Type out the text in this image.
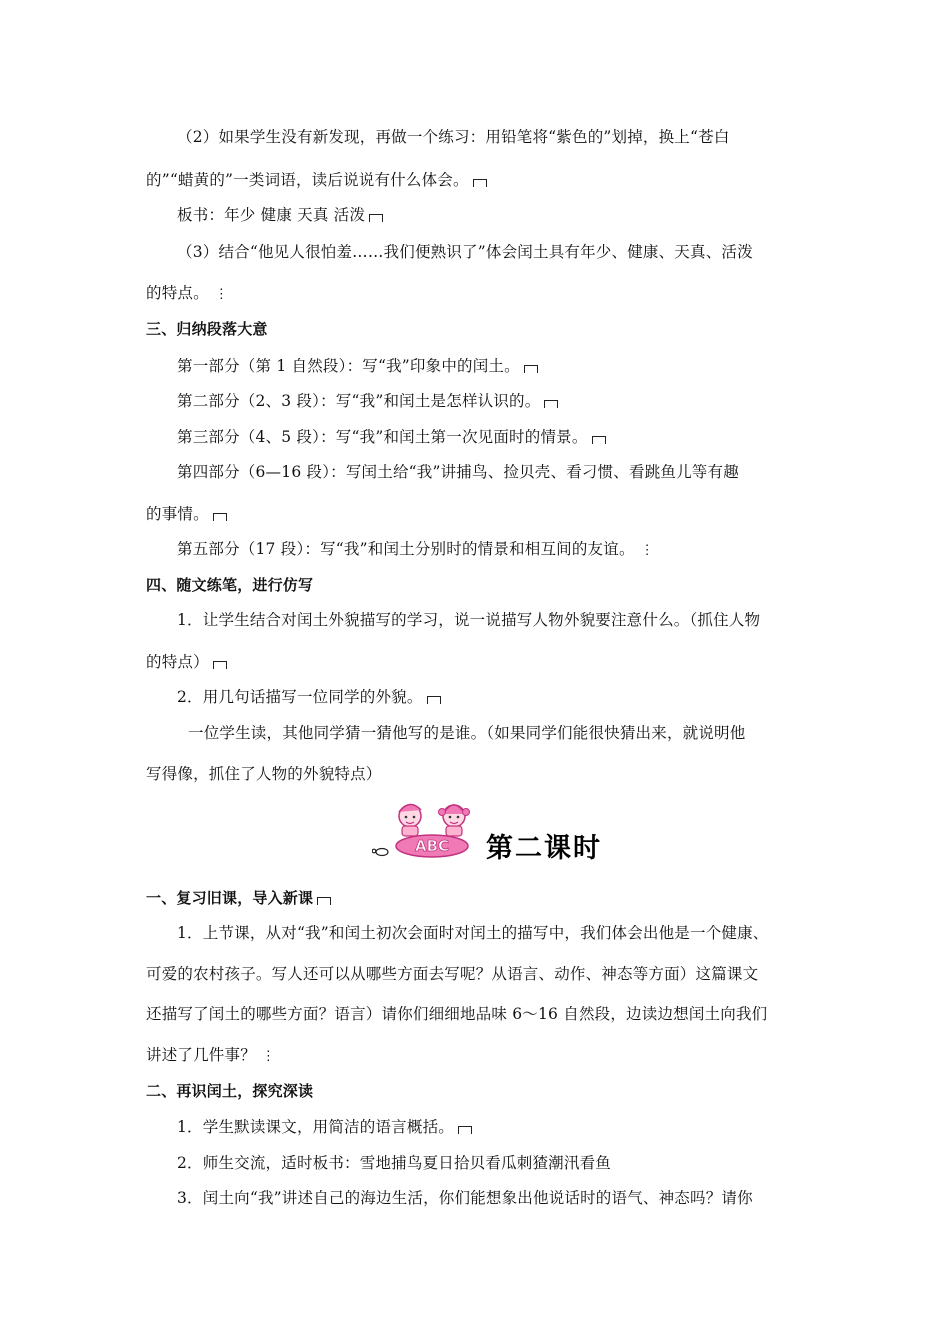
（2）如果学生没有新发现，再做一个练习：用铅笔将“紫色的”划掉，换上“苍白
的”“蜡黄的”一类词语，读后说说有什么体会。
板书：年少 健康 天真 活泼
（3）结合“他见人很怕羞……我们便熟识了”体会闰土具有年少、健康、天真、活泼
的特点。 ⋮
三、归纳段落大意
第一部分（第 1 自然段）：写“我”印象中的闰土。
第二部分（2、3 段）：写“我”和闰土是怎样认识的。
第三部分（4、5 段）：写“我”和闰土第一次见面时的情景。
第四部分（6—16 段）：写闰土给“我”讲捕鸟、捡贝壳、看刁惯、看跳鱼儿等有趣
的事情。
第五部分（17 段）：写“我”和闰土分别时的情景和相互间的友谊。 ⋮
四、随文练笔，进行仿写
1．让学生结合对闰土外貌描写的学习，说一说描写人物外貌要注意什么。（抓住人物
的特点）
2．用几句话描写一位同学的外貌。
一位学生读，其他同学猜一猜他写的是谁。（如果同学们能很快猜出来，就说明他
写得像，抓住了人物的外貌特点）
ABC 第二课时
一、复习旧课，导入新课
1．上节课，从对“我”和闰土初次会面时对闰土的描写中，我们体会出他是一个健康、
可爱的农村孩子。写人还可以从哪些方面去写呢？从语言、动作、神态等方面）这篇课文
还描写了闰土的哪些方面？语言）请你们细细地品味 6～16 自然段，边读边想闰土向我们
讲述了几件事？ ⋮
二、再识闰土，探究深读
1．学生默读课文，用简洁的语言概括。
2．师生交流，适时板书：雪地捕鸟夏日拾贝看瓜刺猹潮汛看鱼
3．闰土向“我”讲述自己的海边生活，你们能想象出他说话时的语气、神态吗？请你
